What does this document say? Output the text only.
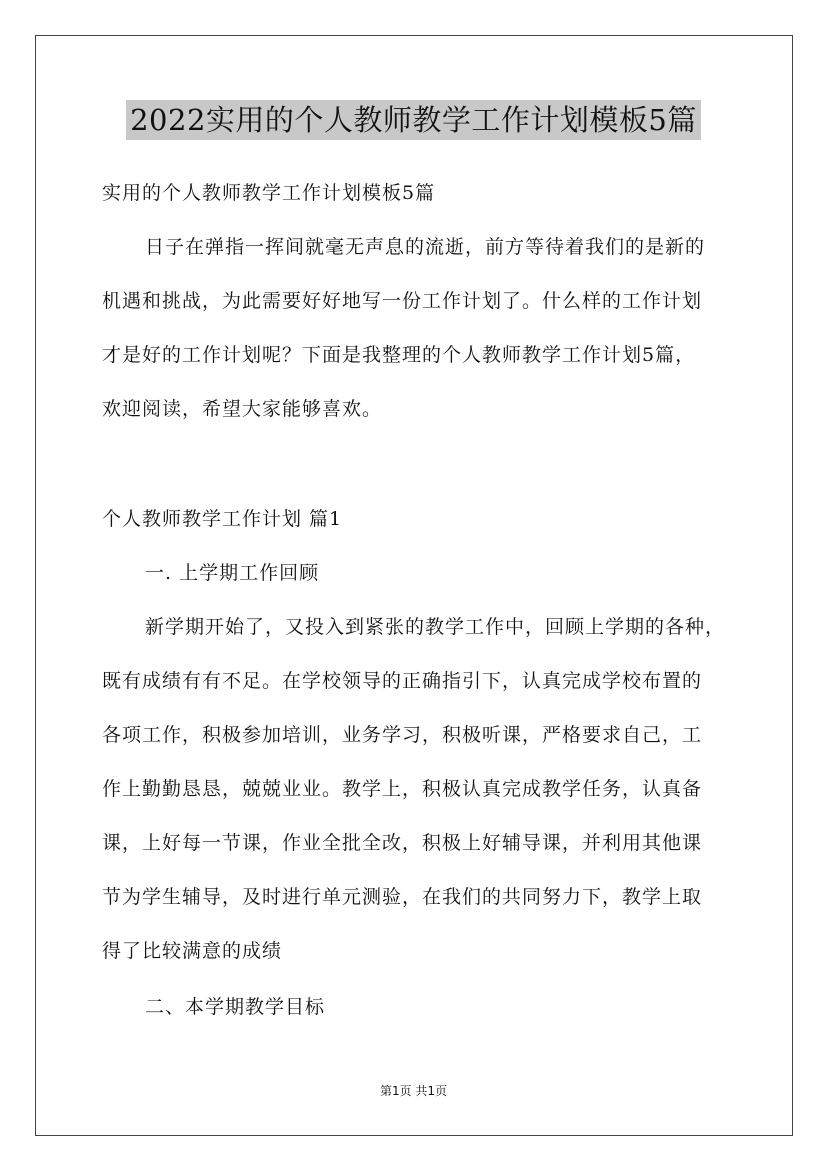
2022实用的个人教师教学工作计划模板5篇
实用的个人教师教学工作计划模板5篇
日子在弹指一挥间就毫无声息的流逝，前方等待着我们的是新的
机遇和挑战，为此需要好好地写一份工作计划了。什么样的工作计划
才是好的工作计划呢？下面是我整理的个人教师教学工作计划5篇，
欢迎阅读，希望大家能够喜欢。
个人教师教学工作计划 篇1
一. 上学期工作回顾
新学期开始了，又投入到紧张的教学工作中，回顾上学期的各种，
既有成绩有有不足。在学校领导的正确指引下，认真完成学校布置的
各项工作，积极参加培训，业务学习，积极听课，严格要求自己，工
作上勤勤恳恳，兢兢业业。教学上，积极认真完成教学任务，认真备
课，上好每一节课，作业全批全改，积极上好辅导课，并利用其他课
节为学生辅导，及时进行单元测验，在我们的共同努力下，教学上取
得了比较满意的成绩
二、本学期教学目标
第1页 共1页
